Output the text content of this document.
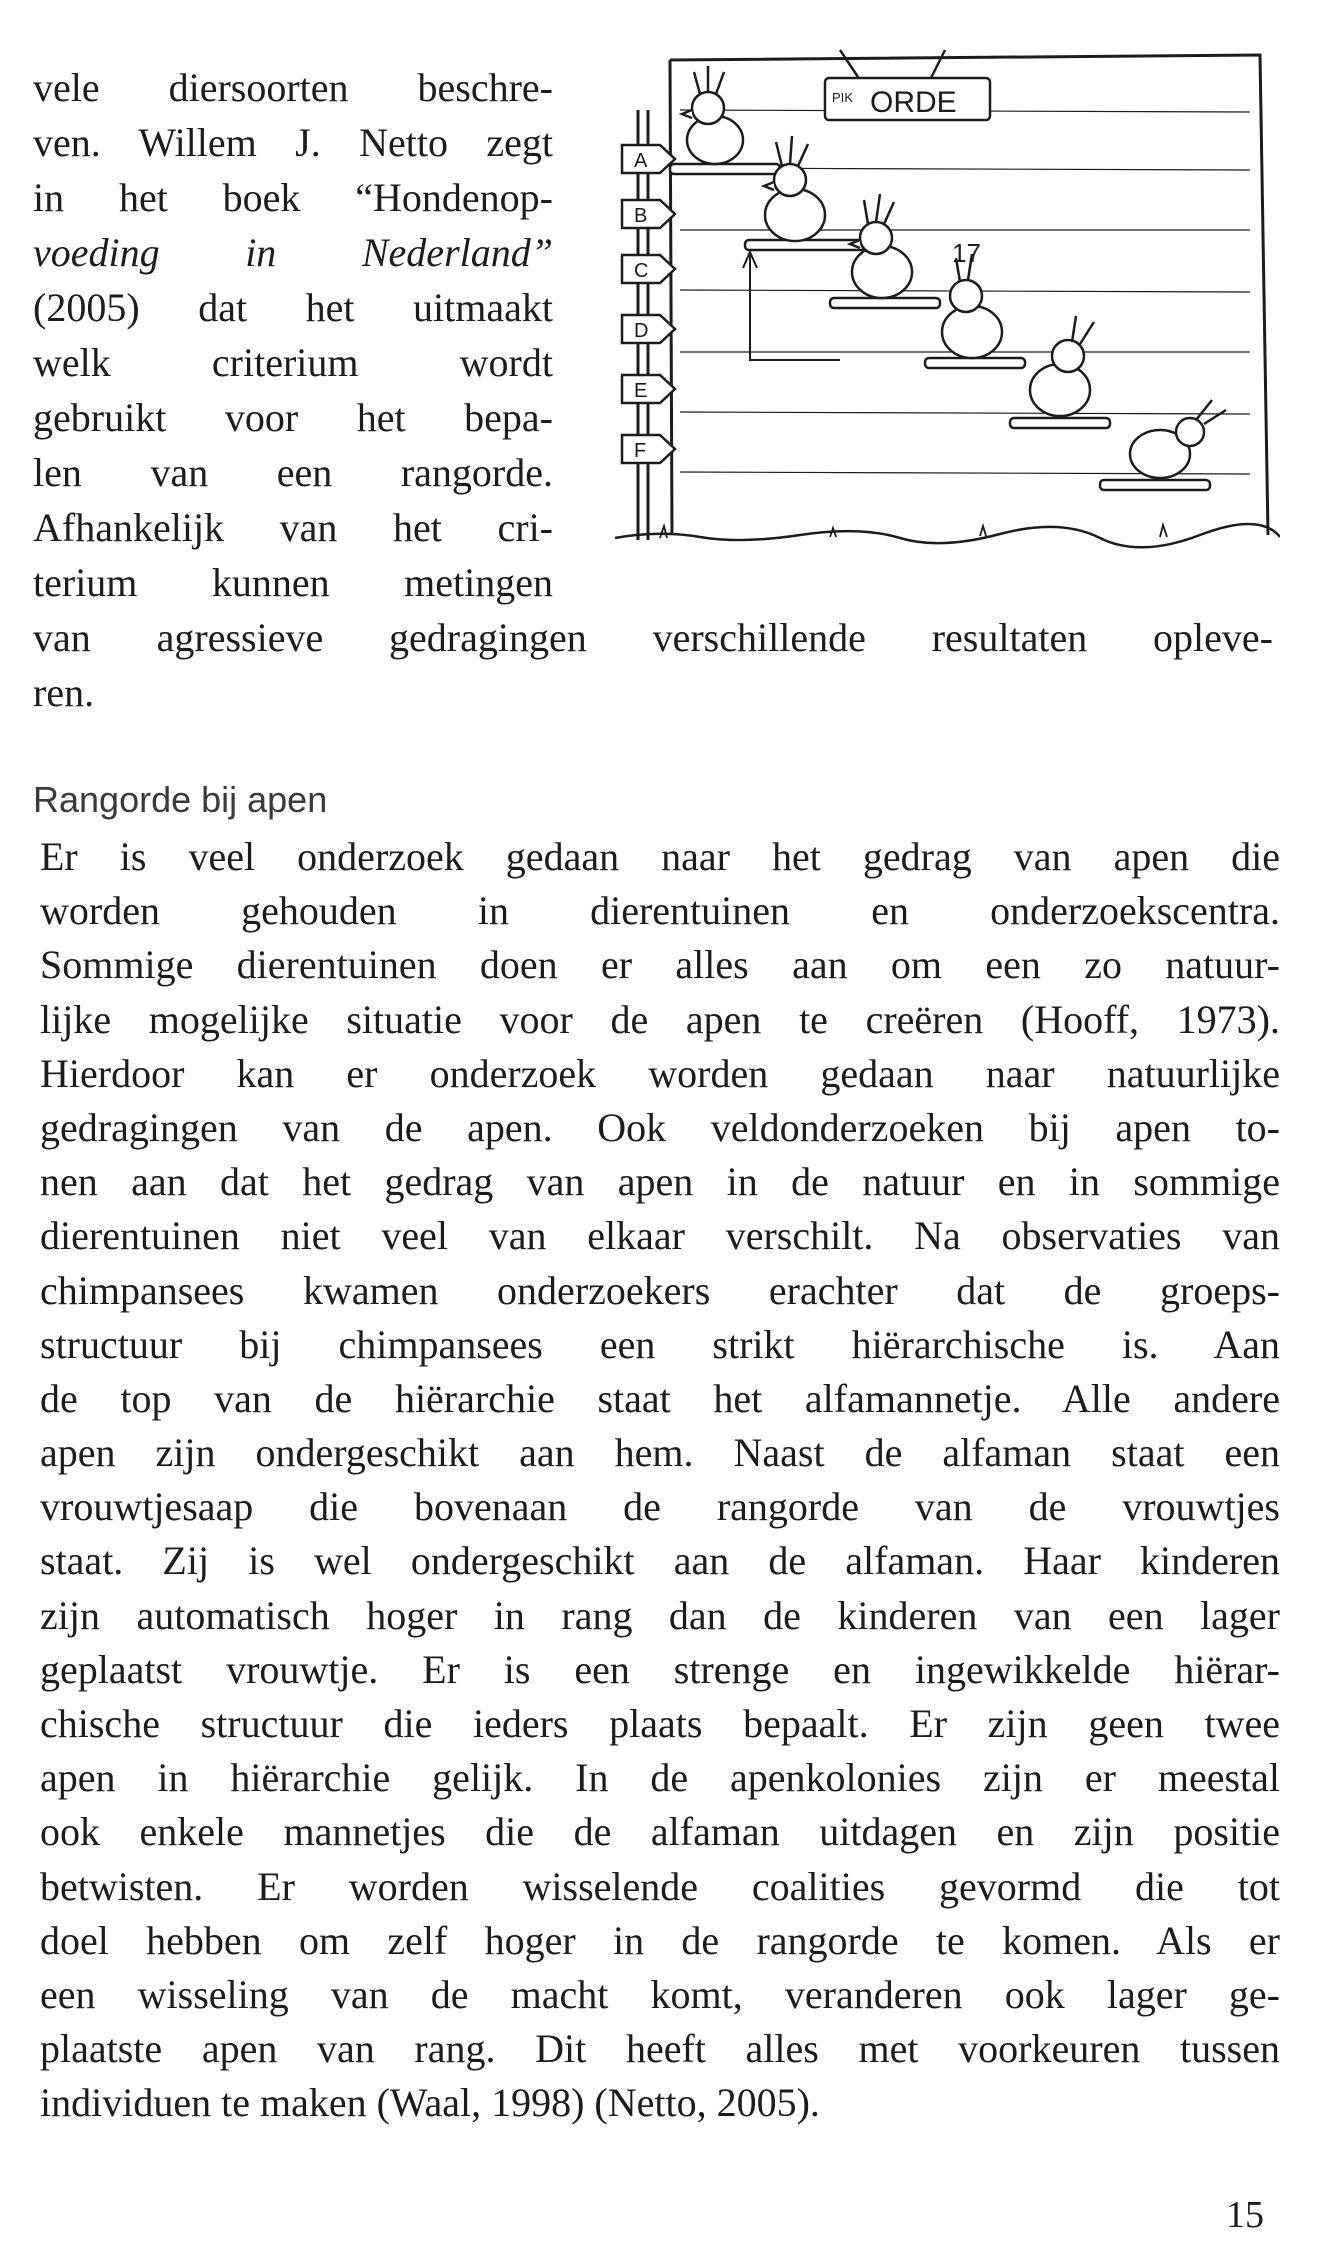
vele diersoorten beschre-
ven. Willem J. Netto zegt
in het boek “Hondenop-
voeding in Nederland”
(2005) dat het uitmaakt
welk criterium wordt
gebruikt voor het bepa-
len van een rangorde.
Afhankelijk van het cri-
terium kunnen metingen
van agressieve gedragingen verschillende resultaten opleve-
ren.
A
B
C
D
E
F
PIK ORDE
17
Rangorde bij apen
Er is veel onderzoek gedaan naar het gedrag van apen die
worden gehouden in dierentuinen en onderzoekscentra.
Sommige dierentuinen doen er alles aan om een zo natuur-
lijke mogelijke situatie voor de apen te creëren (Hooff, 1973).
Hierdoor kan er onderzoek worden gedaan naar natuurlijke
gedragingen van de apen. Ook veldonderzoeken bij apen to-
nen aan dat het gedrag van apen in de natuur en in sommige
dierentuinen niet veel van elkaar verschilt. Na observaties van
chimpansees kwamen onderzoekers erachter dat de groeps-
structuur bij chimpansees een strikt hiërarchische is. Aan
de top van de hiërarchie staat het alfamannetje. Alle andere
apen zijn ondergeschikt aan hem. Naast de alfaman staat een
vrouwtjesaap die bovenaan de rangorde van de vrouwtjes
staat. Zij is wel ondergeschikt aan de alfaman. Haar kinderen
zijn automatisch hoger in rang dan de kinderen van een lager
geplaatst vrouwtje. Er is een strenge en ingewikkelde hiërar-
chische structuur die ieders plaats bepaalt. Er zijn geen twee
apen in hiërarchie gelijk. In de apenkolonies zijn er meestal
ook enkele mannetjes die de alfaman uitdagen en zijn positie
betwisten. Er worden wisselende coalities gevormd die tot
doel hebben om zelf hoger in de rangorde te komen. Als er
een wisseling van de macht komt, veranderen ook lager ge-
plaatste apen van rang. Dit heeft alles met voorkeuren tussen
individuen te maken (Waal, 1998) (Netto, 2005).
15
